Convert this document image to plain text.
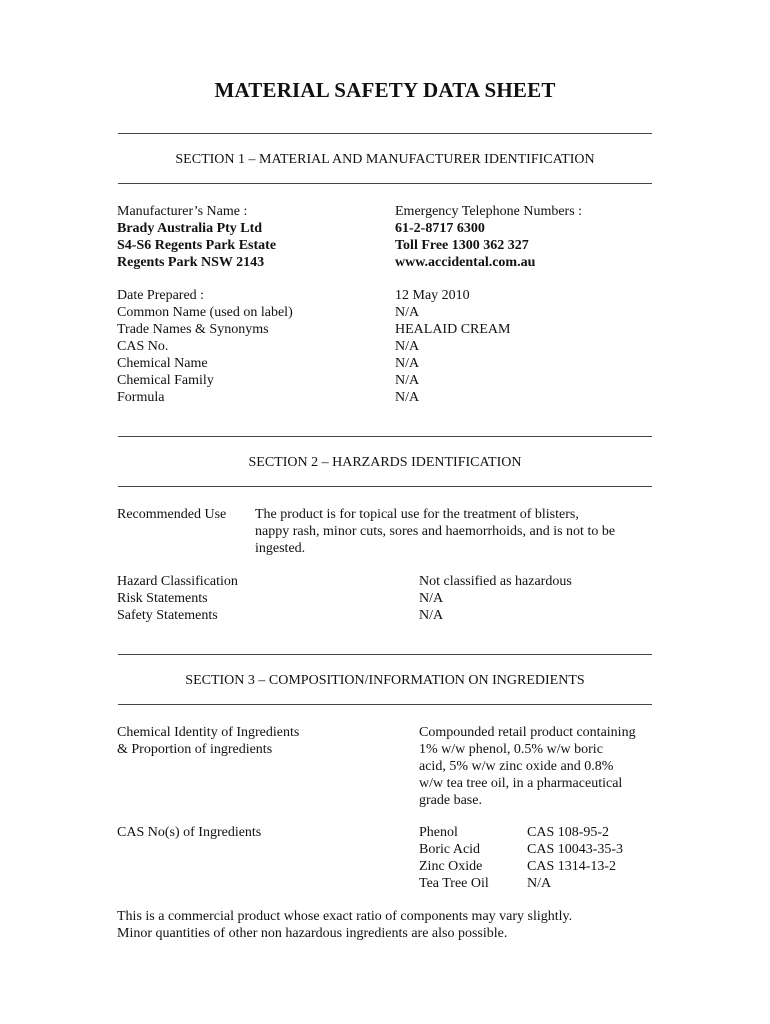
MATERIAL SAFETY DATA SHEET
SECTION 1 – MATERIAL AND MANUFACTURER IDENTIFICATION
Manufacturer’s Name :
Brady Australia Pty Ltd
S4-S6 Regents Park Estate
Regents Park NSW 2143
Emergency Telephone Numbers :
61-2-8717 6300
Toll Free 1300 362 327
www.accidental.com.au
Date Prepared :
Common Name (used on label)
Trade Names & Synonyms
CAS No.
Chemical Name
Chemical Family
Formula
12 May 2010
N/A
HEALAID CREAM
N/A
N/A
N/A
N/A
SECTION 2 – HARZARDS IDENTIFICATION
Recommended Use The product is for topical use for the treatment of blisters,
nappy rash, minor cuts, sores and haemorrhoids, and is not to be
ingested.
Hazard Classification
Risk Statements
Safety Statements
Not classified as hazardous
N/A
N/A
SECTION 3 – COMPOSITION/INFORMATION ON INGREDIENTS
Chemical Identity of Ingredients
& Proportion of ingredients
Compounded retail product containing
1% w/w phenol, 0.5% w/w boric
acid, 5% w/w zinc oxide and 0.8%
w/w tea tree oil, in a pharmaceutical
grade base.
CAS No(s) of Ingredients	Phenol
Boric Acid
Zinc Oxide
Tea Tree Oil
CAS 108-95-2
CAS 10043-35-3
CAS 1314-13-2
N/A
This is a commercial product whose exact ratio of components may vary slightly.
Minor quantities of other non hazardous ingredients are also possible.
